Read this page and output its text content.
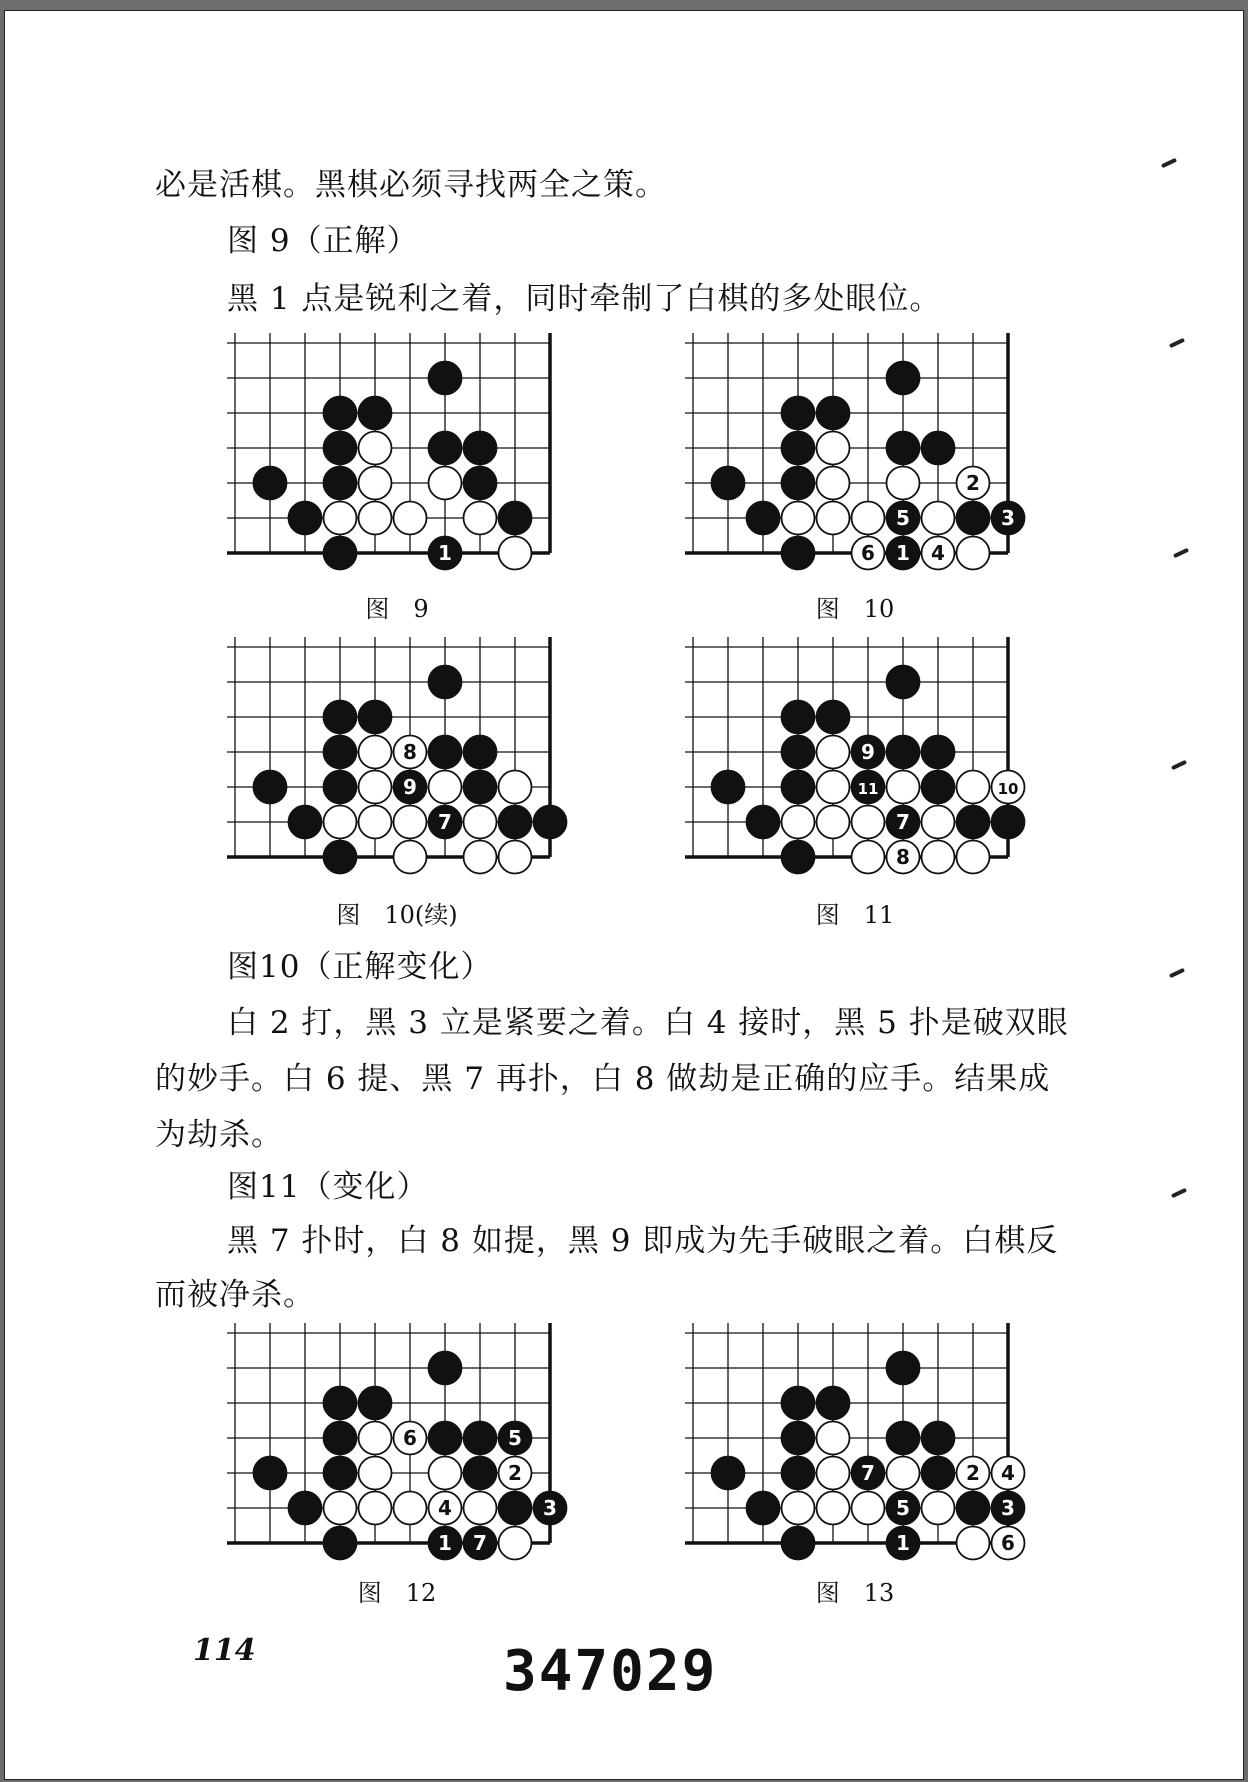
必是活棋。黑棋必须寻找两全之策。
图 9（正解）
黑 1 点是锐利之着，同时牵制了白棋的多处眼位。
1
2
5	3
6 1 4
图　9	图　10
8
9
7
9
11	10
7
8
图　10(续)	图　11
图10（正解变化）
白 2 打，黑 3 立是紧要之着。白 4 接时，黑 5 扑是破双眼
的妙手。白 6 提、黑 7 再扑，白 8 做劫是正确的应手。结果成
为劫杀。
图11（变化）
黑 7 扑时，白 8 如提，黑 9 即成为先手破眼之着。白棋反
而被净杀。
6	5
2
4	3
1 7
7	2 4
5	3
1	6
图　12	图　13
114	347029
